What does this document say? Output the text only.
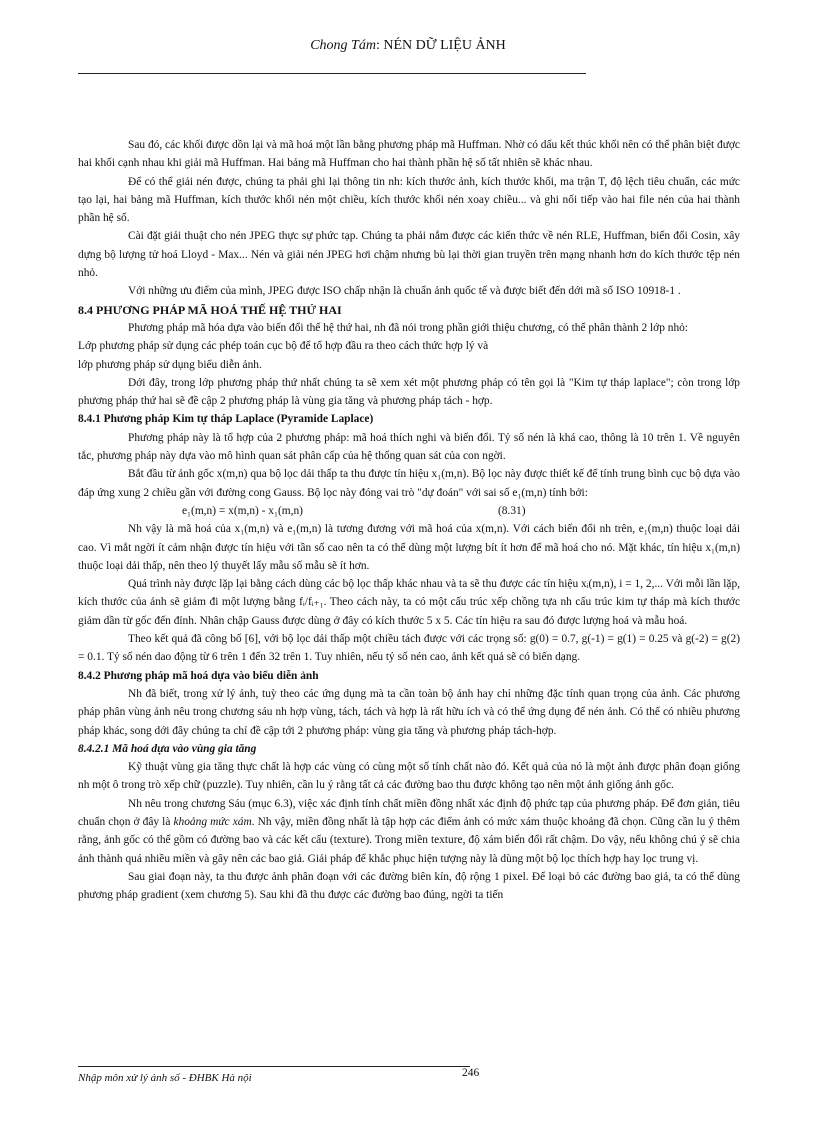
Chong Tám: NÉN DỮ LIỆU ẢNH

Sau đó, các khối được dồn lại và mã hoá một lần bằng phương pháp mã Huffman. Nhờ có dấu kết thúc khối nên có thể phân biệt được hai khối cạnh nhau khi giải mã Huffman. Hai bảng mã Huffman cho hai thành phần hệ số tất nhiên sẽ khác nhau.

Để có thể giải nén được, chúng ta phải ghi lại thông tin nh: kích thước ảnh, kích thước khối, ma trận T, độ lệch tiêu chuẩn, các mức tạo lại, hai bảng mã Huffman, kích thước khối nén một chiều, kích thước khối nén xoay chiều... và ghi nối tiếp vào hai file nén của hai thành phần hệ số.

Cài đặt giải thuật cho nén JPEG thực sự phức tạp. Chúng ta phải nắm được các kiến thức về nén RLE, Huffman, biến đổi Cosin, xây dựng bộ lượng tử hoá Lloyd - Max... Nén và giải nén JPEG hơi chậm nhưng bù lại thời gian truyền trên mạng nhanh hơn do kích thước tệp nén nhỏ.

Với những ưu điểm của mình, JPEG được ISO chấp nhận là chuẩn ảnh quốc tế và được biết đến dới mã số ISO 10918-1 .

8.4 PHƯƠNG PHÁP MÃ HOÁ THẾ HỆ THỨ HAI

Phương pháp mã hóa dựa vào biến đổi thế hệ thứ hai, nh đã nói trong phần giới thiệu chương, có thể phân thành 2 lớp nhỏ:

Lớp phương pháp sử dụng các phép toán cục bộ để tổ hợp đầu ra theo cách thức hợp lý và

lớp phương pháp sử dụng biểu diễn ảnh.

Dới đây, trong lớp phương pháp thứ nhất chúng ta sẽ xem xét một phương pháp có tên gọi là "Kim tự tháp laplace"; còn trong lớp phương pháp thứ hai sẽ đề cập 2 phương pháp là vùng gia tăng và phương pháp tách - hợp.

8.4.1 Phương pháp Kim tự tháp Laplace (Pyramide Laplace)

Phương pháp này là tổ hợp của 2 phương pháp: mã hoá thích nghi và biến đổi. Tỷ số nén là khá cao, thông là 10 trên 1. Về nguyên tắc, phương pháp này dựa vào mô hình quan sát phân cấp của hệ thống quan sát của con ngời.

Bắt đầu từ ảnh gốc x(m,n) qua bộ lọc dải thấp ta thu được tín hiệu x₁(m,n). Bộ lọc này được thiết kế để tính trung bình cục bộ dựa vào đáp ứng xung 2 chiều gần với đường cong Gauss. Bộ lọc này đóng vai trò "dự đoán" với sai số e₁(m,n) tính bởi:

e₁(m,n) = x(m,n) - x₁(m,n)	(8.31)

Nh vậy là mã hoá của x₁(m,n) và e₁(m,n) là tương đương với mã hoá của x(m,n). Với cách biến đổi nh trên, e₁(m,n) thuộc loại dải cao. Vì mắt ngời ít cảm nhận được tín hiệu với tần số cao nên ta có thể dùng một lượng bít ít hơn để mã hoá cho nó. Mặt khác, tín hiệu x₁(m,n) thuộc loại dải thấp, nên theo lý thuyết lấy mẫu số mẫu sẽ ít hơn.

Quá trình này được lặp lại bằng cách dùng các bộ lọc thấp khác nhau và ta sẽ thu được các tín hiệu xᵢ(m,n), i = 1, 2,... Với mỗi lần lặp, kích thước của ảnh sẽ giảm đi một lượng bằng fᵢ/fᵢ₊₁. Theo cách này, ta có một cấu trúc xếp chồng tựa nh cấu trúc kim tự tháp mà kích thước giảm dần từ gốc đến đỉnh. Nhân chập Gauss được dùng ở đây có kích thước 5 x 5. Các tín hiệu ra sau đó được lượng hoá và mẫu hoá.

Theo kết quả đã công bố [6], với bộ lọc dải thấp một chiều tách được với các trọng số: g(0) = 0.7, g(-1) = g(1) = 0.25 và g(-2) = g(2) = 0.1. Tỷ số nén dao động từ 6 trên 1 đến 32 trên 1. Tuy nhiên, nếu tỷ số nén cao, ảnh kết quả sẽ có biến dạng.

8.4.2 Phương pháp mã hoá dựa vào biểu diễn ảnh

Nh đã biết, trong xử lý ảnh, tuỳ theo các ứng dụng mà ta cần toàn bộ ảnh hay chỉ những đặc tính quan trọng của ảnh. Các phương pháp phân vùng ảnh nêu trong chương sáu nh hợp vùng, tách, tách và hợp là rất hữu ích và có thể ứng dụng để nén ảnh. Có thể có nhiều phương pháp khác, song dới đây chúng ta chỉ đề cập tới 2 phương pháp: vùng gia tăng và phương pháp tách-hợp.

8.4.2.1 Mã hoá dựa vào vùng gia tăng

Kỹ thuật vùng gia tăng thực chất là hợp các vùng có cùng một số tính chất nào đó. Kết quả của nó là một ảnh được phân đoạn giống nh một ô trong trò xếp chữ (puzzle). Tuy nhiên, cần lu ý rằng tất cả các đường bao thu được không tạo nên một ảnh giống ảnh gốc.

Nh nêu trong chương Sáu (mục 6.3), việc xác định tính chất miền đồng nhất xác định độ phức tạp của phương pháp. Để đơn giản, tiêu chuẩn chọn ở đây là khoảng mức xám. Nh vậy, miền đồng nhất là tập hợp các điểm ảnh có mức xám thuộc khoảng đã chọn. Cũng cần lu ý thêm rằng, ảnh gốc có thể gồm có đường bao và các kết cấu (texture). Trong miền texture, độ xám biến đổi rất chậm. Do vậy, nếu không chú ý sẽ chia ảnh thành quá nhiều miền và gây nên các bao giả. Giải pháp để khắc phục hiện tượng này là dùng một bộ lọc thích hợp hay lọc trung vị.

Sau giai đoạn này, ta thu được ảnh phân đoạn với các đường biên kín, độ rộng 1 pixel. Để loại bỏ các đường bao giả, ta có thể dùng phương pháp gradient (xem chương 5). Sau khi đã thu được các đường bao đúng, ngời ta tiến

Nhập môn xử lý ảnh số - ĐHBK Hà nội	246
